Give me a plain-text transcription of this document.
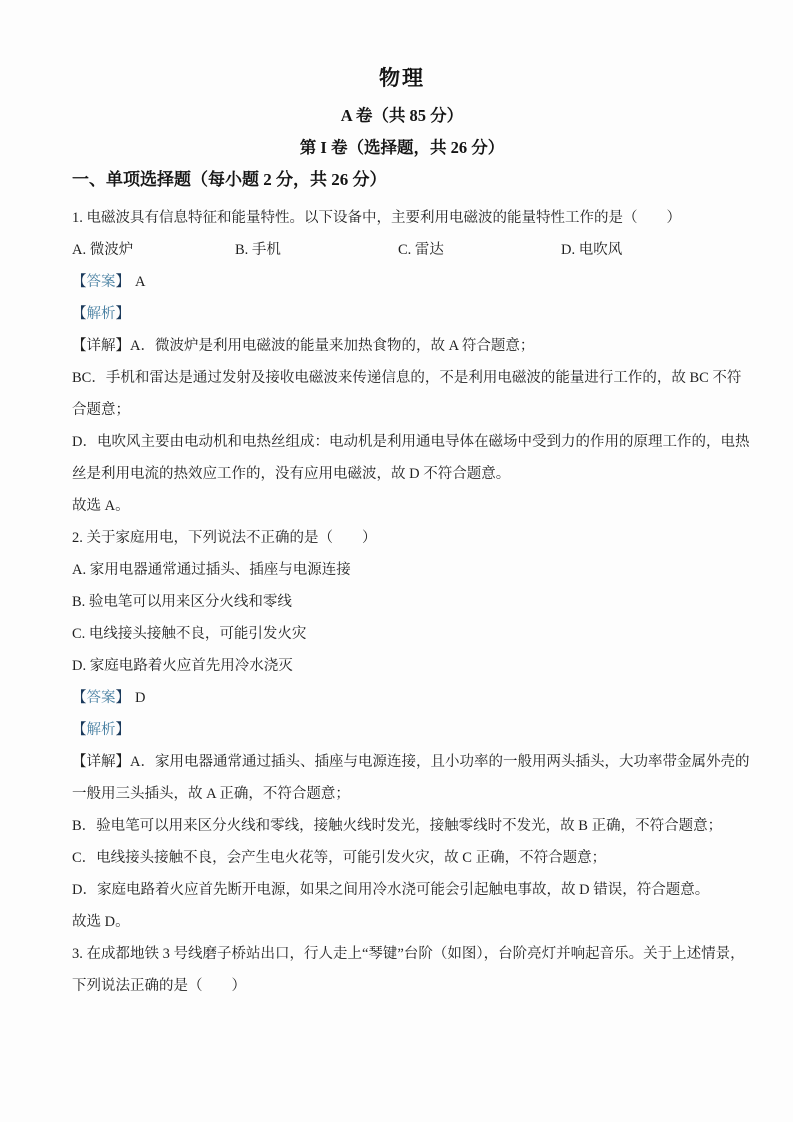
物理
A 卷（共 85 分）
第 I 卷（选择题，共 26 分）
一、单项选择题（每小题 2 分，共 26 分）
1. 电磁波具有信息特征和能量特性。以下设备中，主要利用电磁波的能量特性工作的是（　　）
A. 微波炉	B. 手机	C. 雷达	D. 电吹风
【答案】 A
【解析】
【详解】A．微波炉是利用电磁波的能量来加热食物的，故 A 符合题意；
BC．手机和雷达是通过发射及接收电磁波来传递信息的，不是利用电磁波的能量进行工作的，故 BC 不符
合题意；
D．电吹风主要由电动机和电热丝组成：电动机是利用通电导体在磁场中受到力的作用的原理工作的，电热
丝是利用电流的热效应工作的，没有应用电磁波，故 D 不符合题意。
故选 A。
2. 关于家庭用电，下列说法不正确的是（　　）
A. 家用电器通常通过插头、插座与电源连接
B. 验电笔可以用来区分火线和零线
C. 电线接头接触不良，可能引发火灾
D. 家庭电路着火应首先用冷水浇灭
【答案】 D
【解析】
【详解】A．家用电器通常通过插头、插座与电源连接，且小功率的一般用两头插头，大功率带金属外壳的
一般用三头插头，故 A 正确，不符合题意；
B．验电笔可以用来区分火线和零线，接触火线时发光，接触零线时不发光，故 B 正确，不符合题意；
C．电线接头接触不良，会产生电火花等，可能引发火灾，故 C 正确，不符合题意；
D．家庭电路着火应首先断开电源，如果之间用冷水浇可能会引起触电事故，故 D 错误，符合题意。
故选 D。
3. 在成都地铁 3 号线磨子桥站出口，行人走上“琴键”台阶（如图），台阶亮灯并响起音乐。关于上述情景，
下列说法正确的是（　　）
